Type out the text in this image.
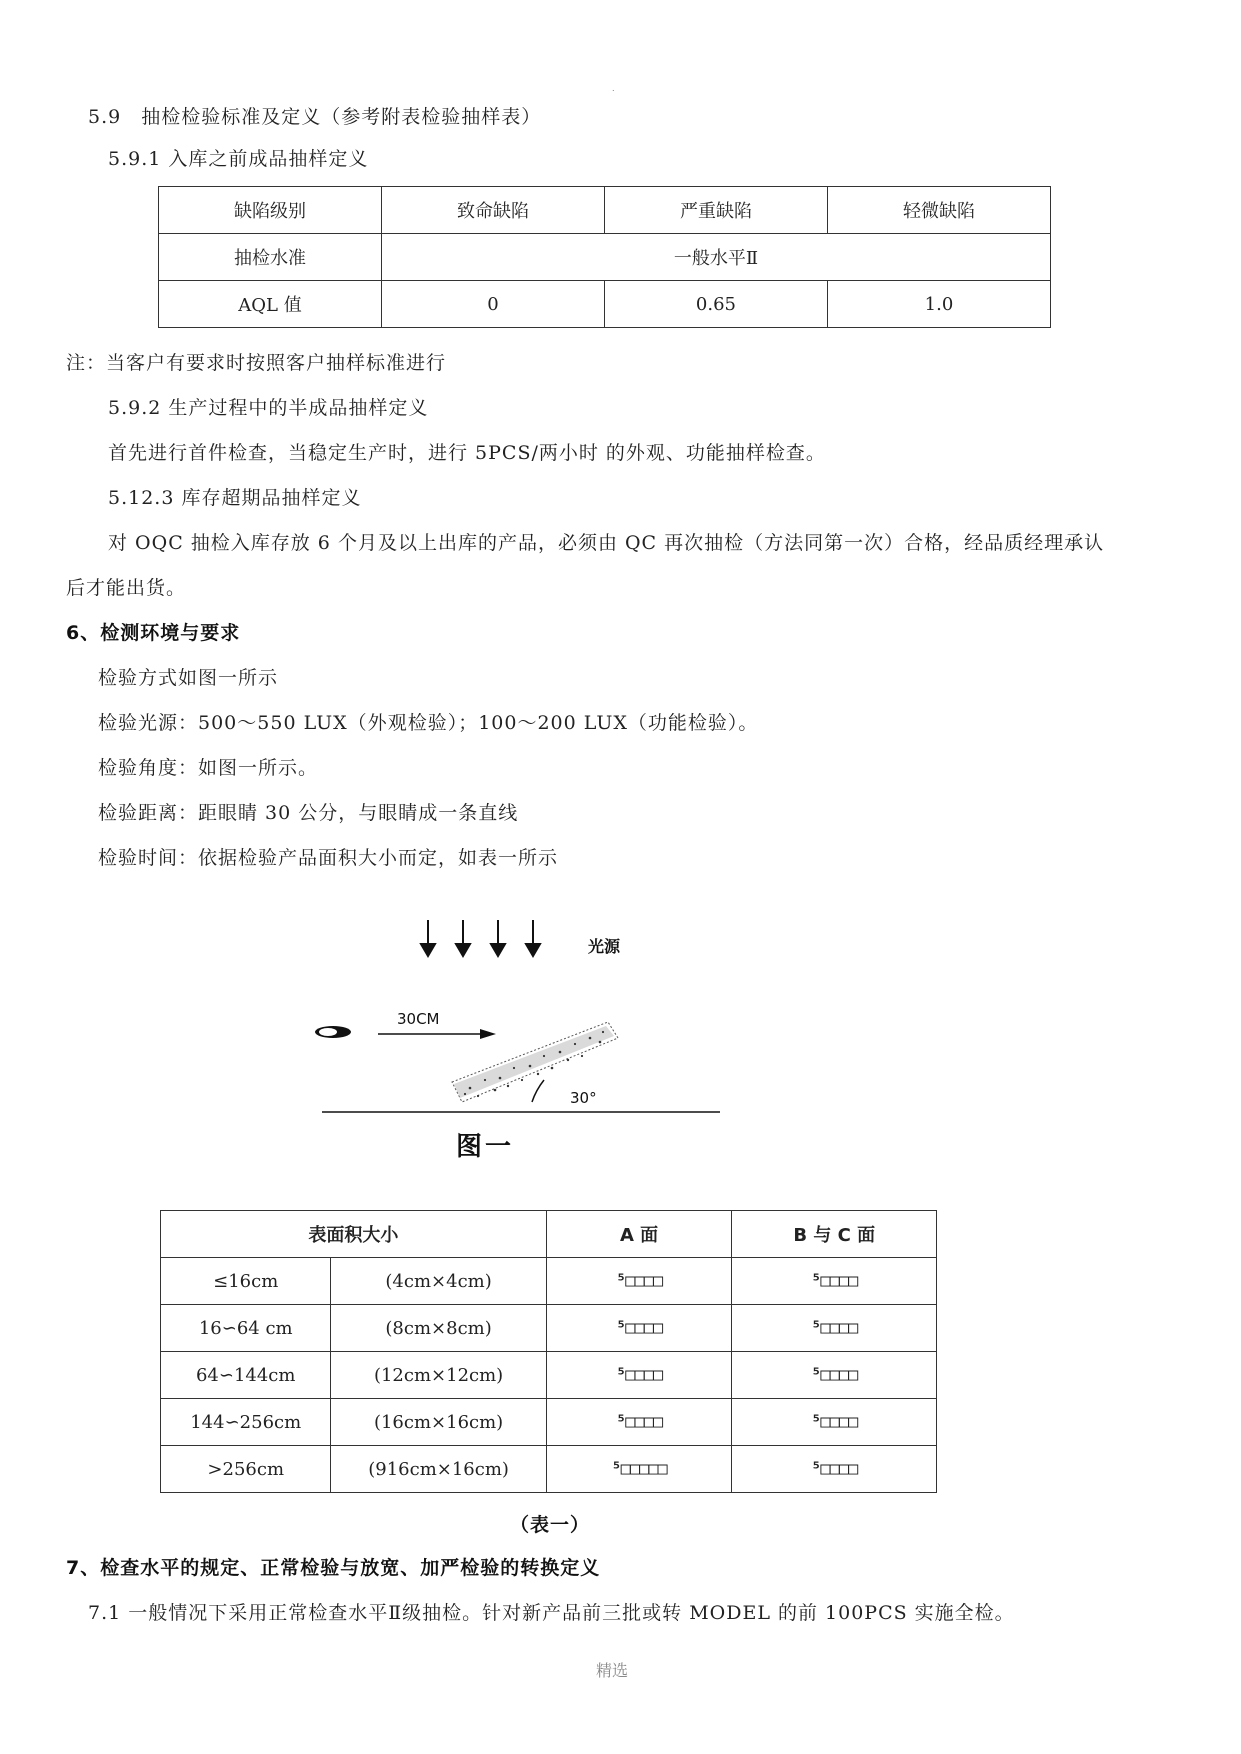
.
5.9　抽检检验标准及定义（参考附表检验抽样表）
5.9.1 入库之前成品抽样定义
缺陷级别	致命缺陷	严重缺陷	轻微缺陷
抽检水准	一般水平Ⅱ		
AQL 值	0	0.65	1.0
注：当客户有要求时按照客户抽样标准进行
5.9.2 生产过程中的半成品抽样定义
首先进行首件检查，当稳定生产时，进行 5PCS/两小时 的外观、功能抽样检查。
5.12.3 库存超期品抽样定义
对 OQC 抽检入库存放 6 个月及以上出库的产品，必须由 QC 再次抽检（方法同第一次）合格，经品质经理承认
后才能出货。
6、检测环境与要求
检验方式如图一所示
检验光源：500～550 LUX（外观检验）；100～200 LUX（功能检验）。
检验角度：如图一所示。
检验距离：距眼睛 30 公分，与眼睛成一条直线
检验时间：依据检验产品面积大小而定，如表一所示
光源
30CM
30°
图一
表面积大小		A 面	B 与 C 面
≤16cm	(4cm×4cm)	⁵□□□□	⁵□□□□
16∽64 cm	(8cm×8cm)	⁵□□□□	⁵□□□□
64∽144cm	(12cm×12cm)	⁵□□□□	⁵□□□□
144∽256cm	(16cm×16cm)	⁵□□□□	⁵□□□□
>256cm	(916cm×16cm)	⁵□□□□□	⁵□□□□
（表一）
7、检查水平的规定、正常检验与放宽、加严检验的转换定义
7.1 一般情况下采用正常检查水平Ⅱ级抽检。针对新产品前三批或转 MODEL 的前 100PCS 实施全检。
精选
